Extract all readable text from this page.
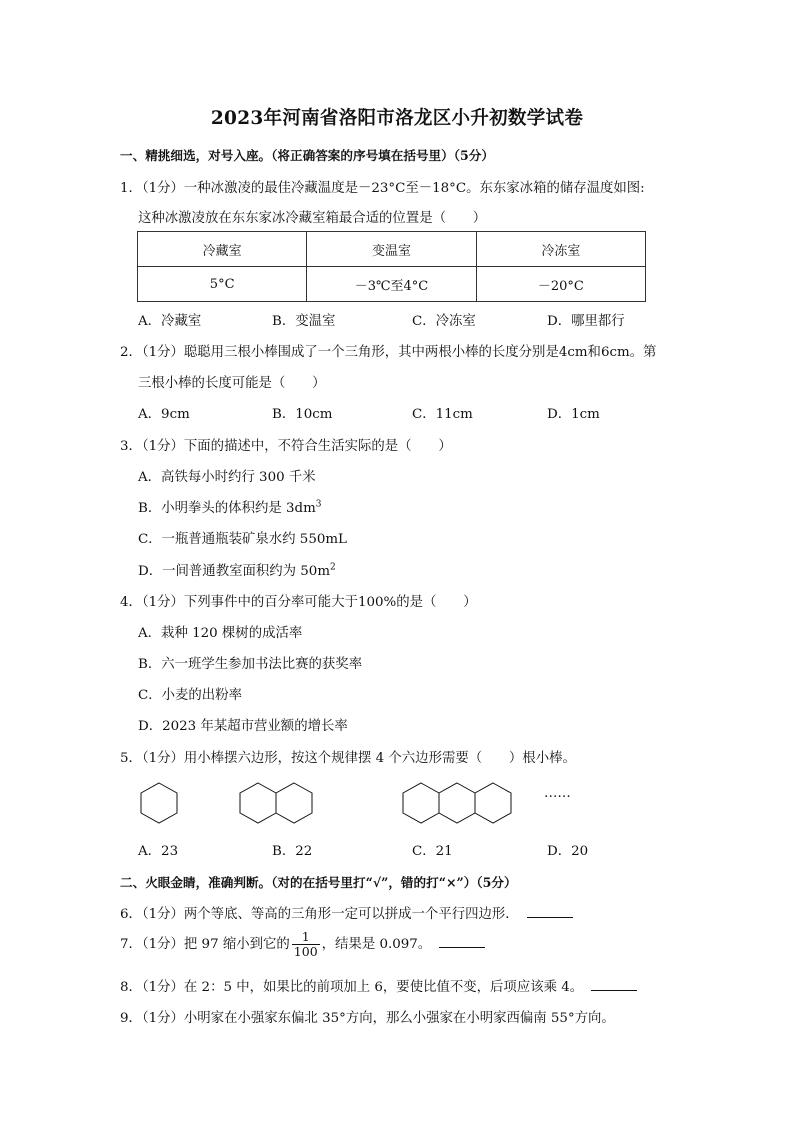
2023年河南省洛阳市洛龙区小升初数学试卷
一、精挑细选，对号入座。（将正确答案的序号填在括号里）（5分）
1．（1分）一种冰激凌的最佳冷藏温度是－23°C至－18°C。东东家冰箱的储存温度如图:
这种冰激凌放在东东家冰冷藏室箱最合适的位置是（　　）
冷藏室	变温室	冷冻室
5°C	－3℃至4°C	－20°C
A．冷藏室	B．变温室	C．冷冻室	D．哪里都行
2．（1分）聪聪用三根小棒围成了一个三角形，其中两根小棒的长度分别是4cm和6cm。第
三根小棒的长度可能是（　　）
A．9cm	B．10cm	C．11cm	D．1cm
3．（1分）下面的描述中，不符合生活实际的是（　　）
A．高铁每小时约行 300 千米
B．小明拳头的体积约是 $3dm^3$
C．一瓶普通瓶装矿泉水约 550mL
D．一间普通教室面积约为 $50m^2$
4．（1分）下列事件中的百分率可能大于100%的是（　　）
A．栽种 120 棵树的成活率
B．六一班学生参加书法比赛的获奖率
C．小麦的出粉率
D．2023 年某超市营业额的增长率
5．（1分）用小棒摆六边形，按这个规律摆 4 个六边形需要（　　）根小棒。
……
A．23	B．22	C．21	D．20
二、火眼金睛，准确判断。（对的在括号里打“√”，错的打“×”）（5分）
6．（1分）两个等底、等高的三角形一定可以拼成一个平行四边形．
7．（1分）把 97 缩小到它的 $\frac{1}{100}$ ，结果是 0.097。
8．（1分）在 2：5 中，如果比的前项加上 6，要使比值不变，后项应该乘 4。
9．（1分）小明家在小强家东偏北 35°方向，那么小强家在小明家西偏南 55°方向。
